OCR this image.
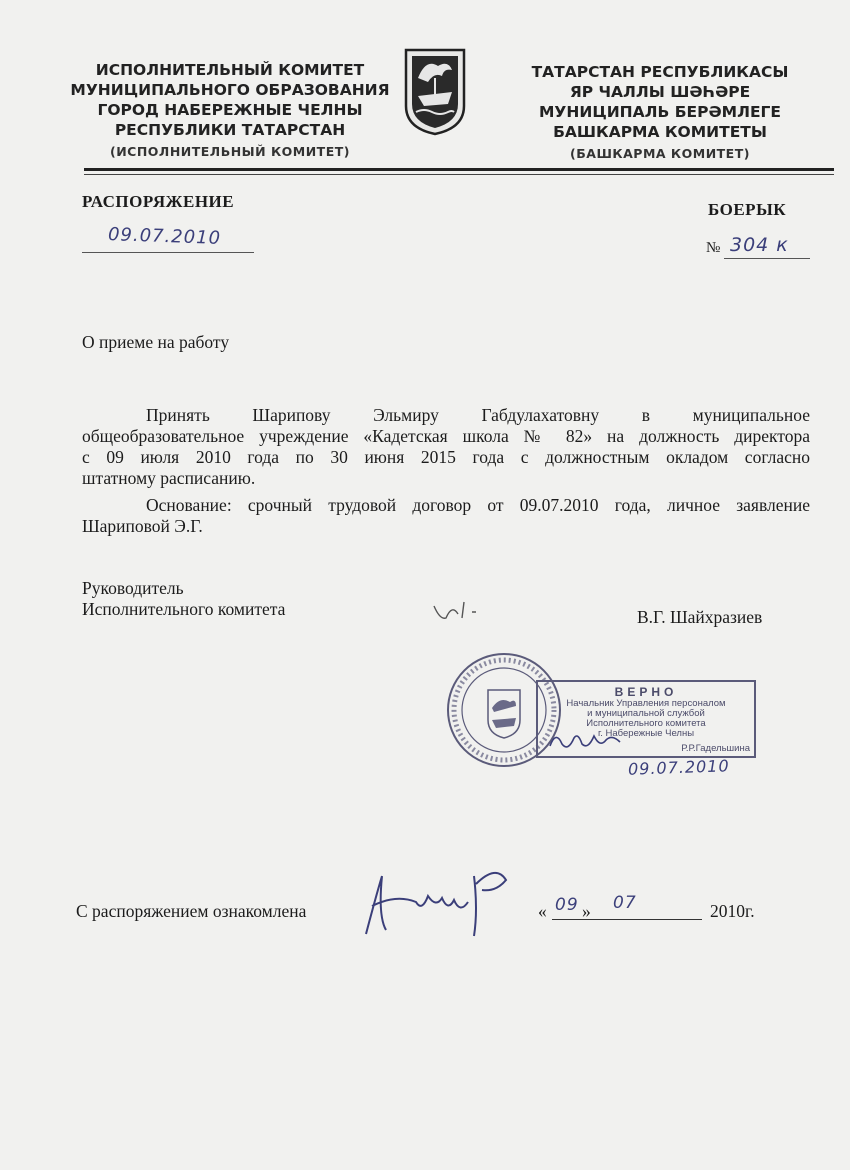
ИСПОЛНИТЕЛЬНЫЙ КОМИТЕТ
МУНИЦИПАЛЬНОГО ОБРАЗОВАНИЯ
ГОРОД НАБЕРЕЖНЫЕ ЧЕЛНЫ
РЕСПУБЛИКИ ТАТАРСТАН
(ИСПОЛНИТЕЛЬНЫЙ КОМИТЕТ)
ТАТАРСТАН РЕСПУБЛИКАСЫ
ЯР ЧАЛЛЫ ШӘҺӘРЕ
МУНИЦИПАЛЬ БЕРӘМЛЕГЕ
БАШКАРМА КОМИТЕТЫ
(БАШКАРМА КОМИТЕТ)
РАСПОРЯЖЕНИЕ	БОЕРЫК
09.07.2010	№ 304 к
О приеме на работу
Принять Шарипову Эльмиру Габдулахатовну в муниципальное
общеобразовательное учреждение «Кадетская школа № 82» на должность директора
с 09 июля 2010 года по 30 июня 2015 года с должностным окладом согласно
штатному расписанию.
Основание: срочный трудовой договор от 09.07.2010 года, личное заявление
Шариповой Э.Г.
Руководитель
Исполнительного комитета	В.Г. Шайхразиев
ВЕРНО
Начальник Управления персоналом
и муниципальной службой
Исполнительного комитета
г. Набережные Челны
Р.Р.Гадельшина
09.07.2010
С распоряжением ознакомлена	« 09 » 07	2010г.
